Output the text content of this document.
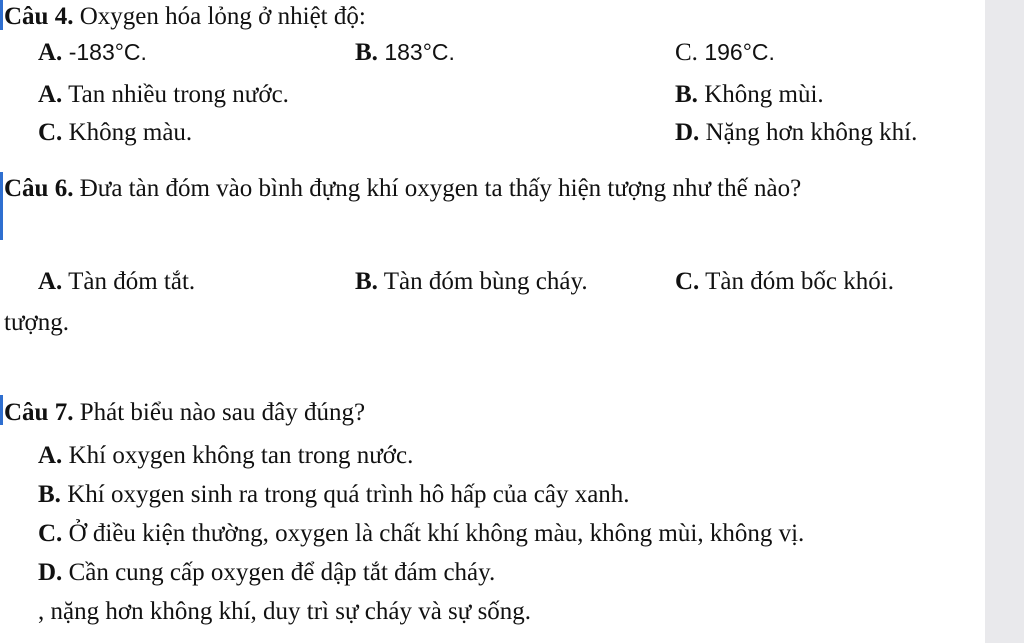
Câu 4. Oxygen hóa lỏng ở nhiệt độ:
A. -183°C.	B. 183°C.	C. 196°C.
A. Tan nhiều trong nước.	B. Không mùi.
C. Không màu.	D. Nặng hơn không khí.
Câu 6. Đưa tàn đóm vào bình đựng khí oxygen ta thấy hiện tượng như thế nào?
A. Tàn đóm tắt.	B. Tàn đóm bùng cháy.	C. Tàn đóm bốc khói.
tượng.
Câu 7. Phát biểu nào sau đây đúng?
A. Khí oxygen không tan trong nước.
B. Khí oxygen sinh ra trong quá trình hô hấp của cây xanh.
C. Ở điều kiện thường, oxygen là chất khí không màu, không mùi, không vị.
D. Cần cung cấp oxygen để dập tắt đám cháy.
, nặng hơn không khí, duy trì sự cháy và sự sống.
